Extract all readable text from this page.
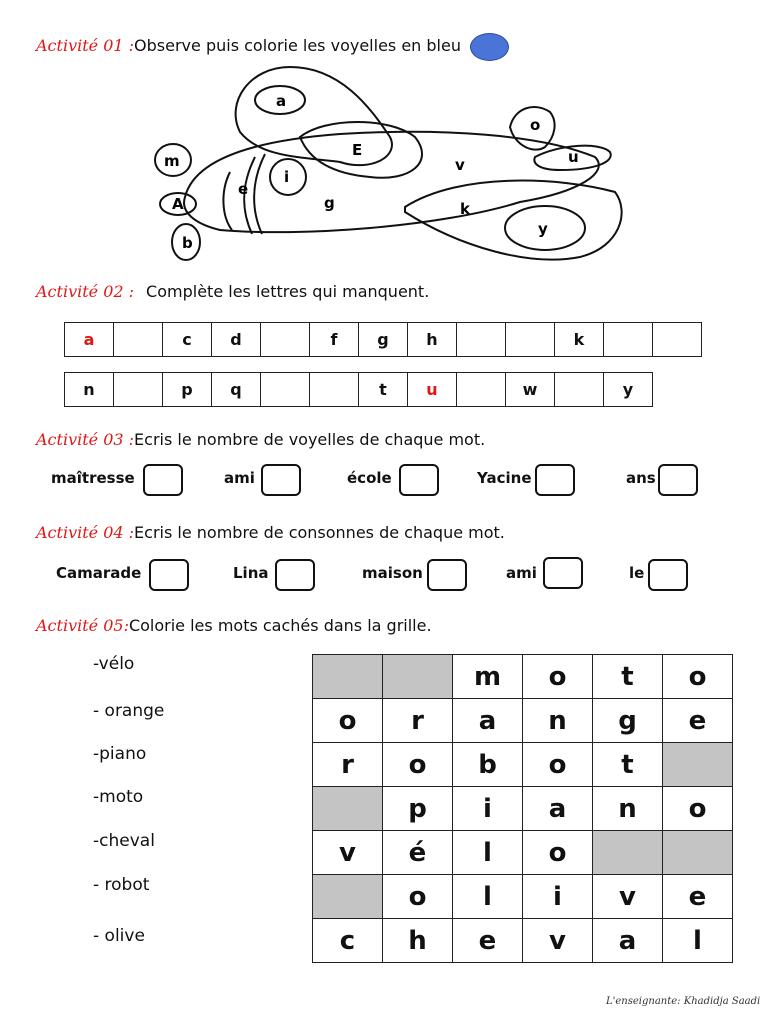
Activité 01 :Observe puis colorie les voyelles en bleu
a
E
o
u
v
m
i
e
g	k
A
y
b
Activité 02 : Complète les lettres qui manquent.
a		c	d		f	g	h			k		
n		p	q			t	u		w		y
Activité 03 :Ecris le nombre de voyelles de chaque mot.
maîtresse	ami	école	Yacine	ans
Activité 04 :Ecris le nombre de consonnes de chaque mot.
Camarade	Lina	maison	ami	le
Activité 05:Colorie les mots cachés dans la grille.
-vélo
- orange
-piano
-moto
-cheval
- robot
- olive
		m	o	t	o
o	r	a	n	g	e
r	o	b	o	t	
	p	i	a	n	o
v	é	l	o		
	o	l	i	v	e
c	h	e	v	a	l
L'enseignante: Khadidja Saadi
